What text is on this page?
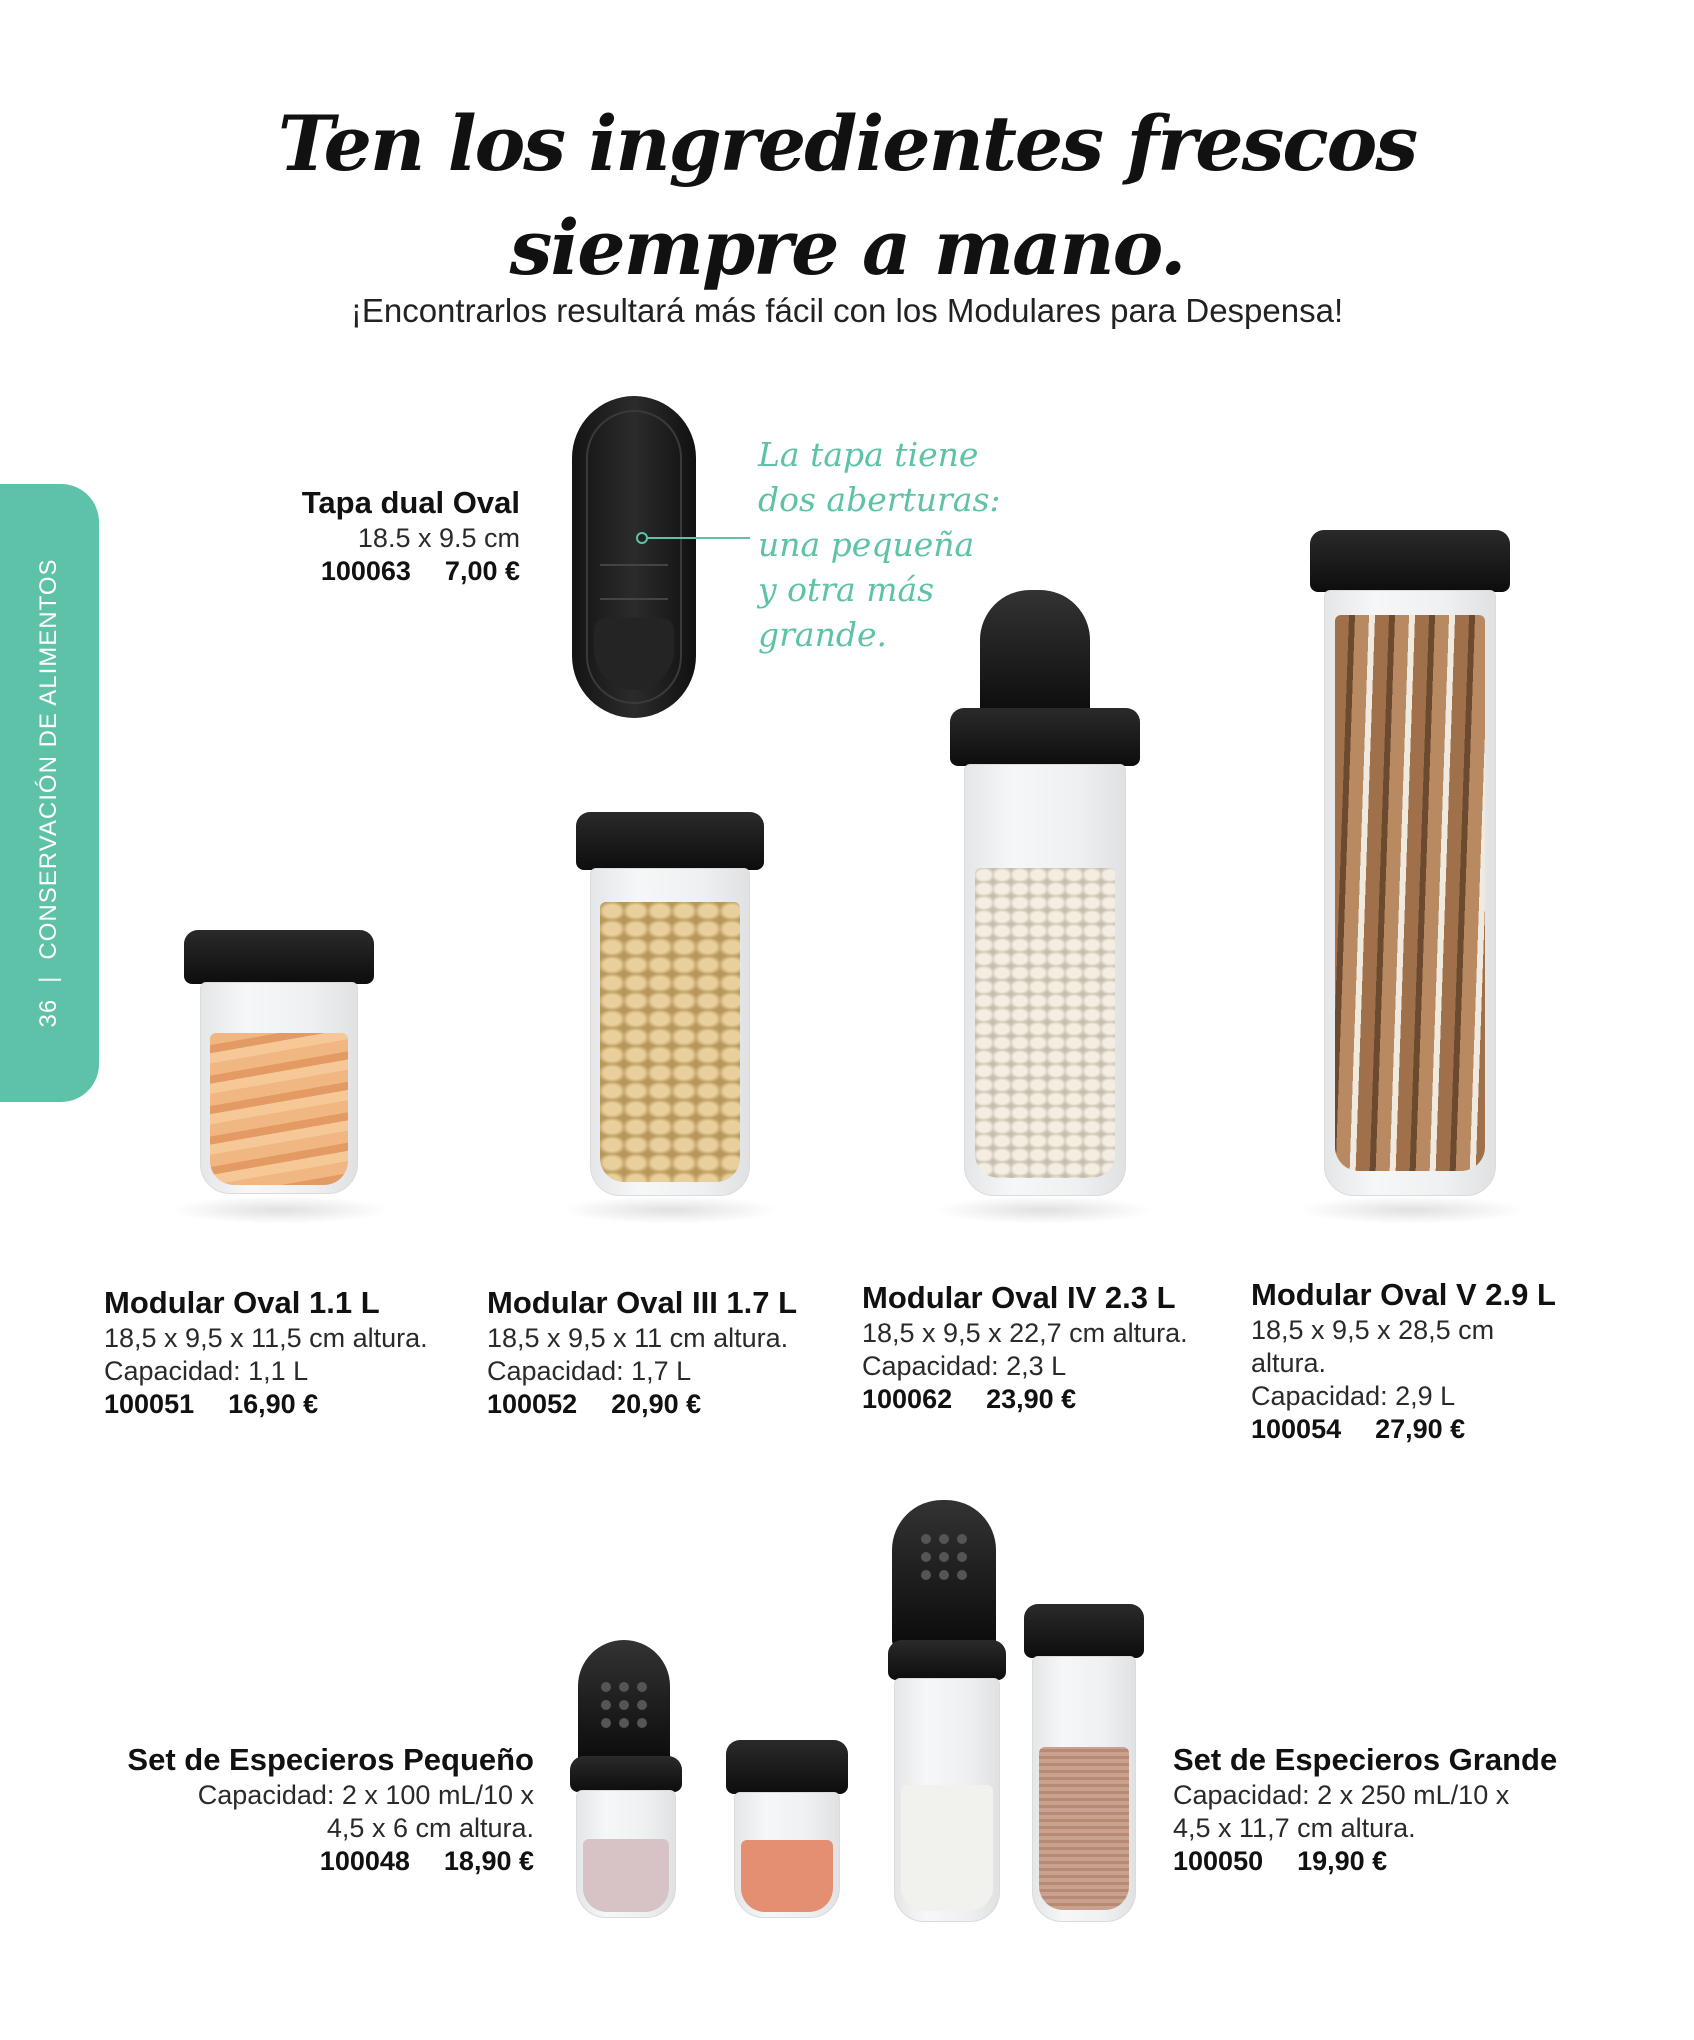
Ten los ingredientes frescos
siempre a mano.
¡Encontrarlos resultará más fácil con los Modulares para Despensa!
36|CONSERVACIÓN DE ALIMENTOS
Tapa dual Oval
18.5 x 9.5 cm
100063 7,00 €
La tapa tiene
dos aberturas:
una pequeña
y otra más
grande.
Modular Oval 1.1 L
18,5 x 9,5 x 11,5 cm altura.
Capacidad: 1,1 L
100051 16,90 €
Modular Oval III 1.7 L
18,5 x 9,5 x 11 cm altura.
Capacidad: 1,7 L
100052 20,90 €
Modular Oval IV 2.3 L
18,5 x 9,5 x 22,7 cm altura.
Capacidad: 2,3 L
100062 23,90 €
Modular Oval V 2.9 L
18,5 x 9,5 x 28,5 cm
altura.
Capacidad: 2,9 L
100054 27,90 €
Set de Especieros Pequeño
Capacidad: 2 x 100 mL/10 x
4,5 x 6 cm altura.
100048 18,90 €
Set de Especieros Grande
Capacidad: 2 x 250 mL/10 x
4,5 x 11,7 cm altura.
100050 19,90 €
